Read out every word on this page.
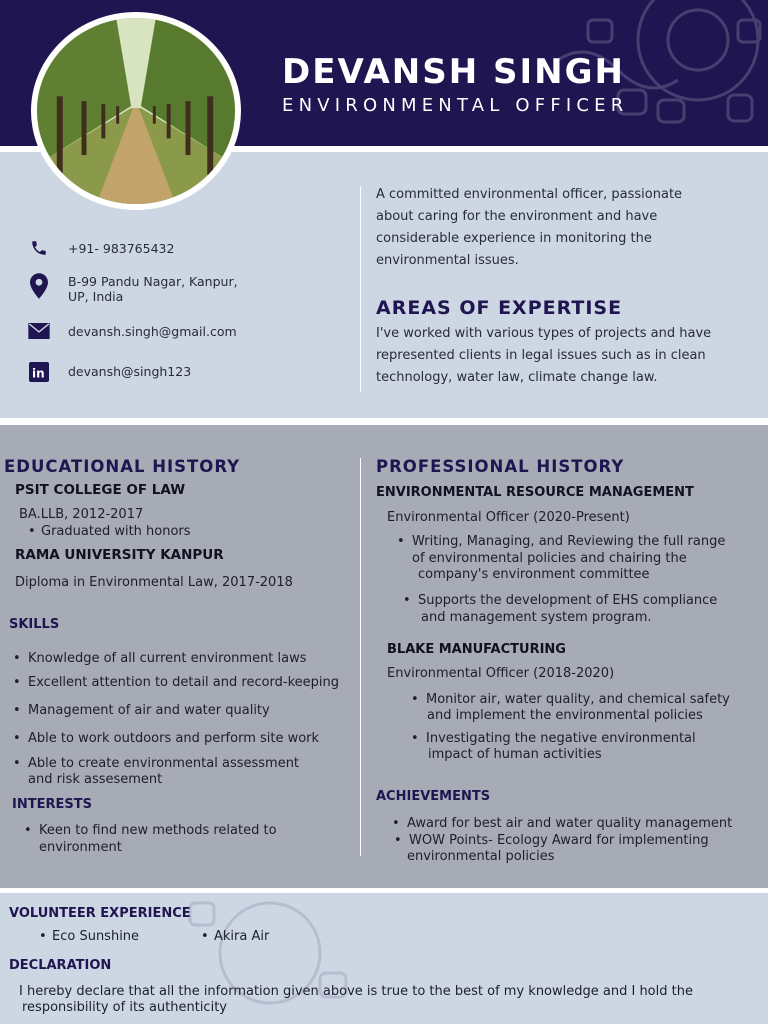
DEVANSH SINGH
ENVIRONMENTAL OFFICER
+91- 983765432
B-99 Pandu Nagar, Kanpur,
UP, India
devansh.singh@gmail.com
in devansh@singh123
A committed environmental officer, passionate
about caring for the environment and have
considerable experience in monitoring the
environmental issues.
AREAS OF EXPERTISE
I've worked with various types of projects and have
represented clients in legal issues such as in clean
technology, water law, climate change law.
EDUCATIONAL HISTORY
PSIT COLLEGE OF LAW
BA.LLB, 2012-2017
• Graduated with honors
RAMA UNIVERSITY KANPUR
Diploma in Environmental Law, 2017-2018
SKILLS
• Knowledge of all current environment laws
• Excellent attention to detail and record-keeping
• Management of air and water quality
• Able to work outdoors and perform site work
• Able to create environmental assessment
and risk assesement
INTERESTS
• Keen to find new methods related to
environment
PROFESSIONAL HISTORY
ENVIRONMENTAL RESOURCE MANAGEMENT
Environmental Officer (2020-Present)
• Writing, Managing, and Reviewing the full range
of environmental policies and chairing the
company's environment committee
• Supports the development of EHS compliance
and management system program.
BLAKE MANUFACTURING
Environmental Officer (2018-2020)
• Monitor air, water quality, and chemical safety
and implement the environmental policies
• Investigating the negative environmental
impact of human activities
ACHIEVEMENTS
• Award for best air and water quality management
• WOW Points- Ecology Award for implementing
environmental policies
VOLUNTEER EXPERIENCE
• Eco Sunshine
•	Akira Air
DECLARATION
I hereby declare that all the information given above is true to the best of my knowledge and I hold the
responsibility of its authenticity
